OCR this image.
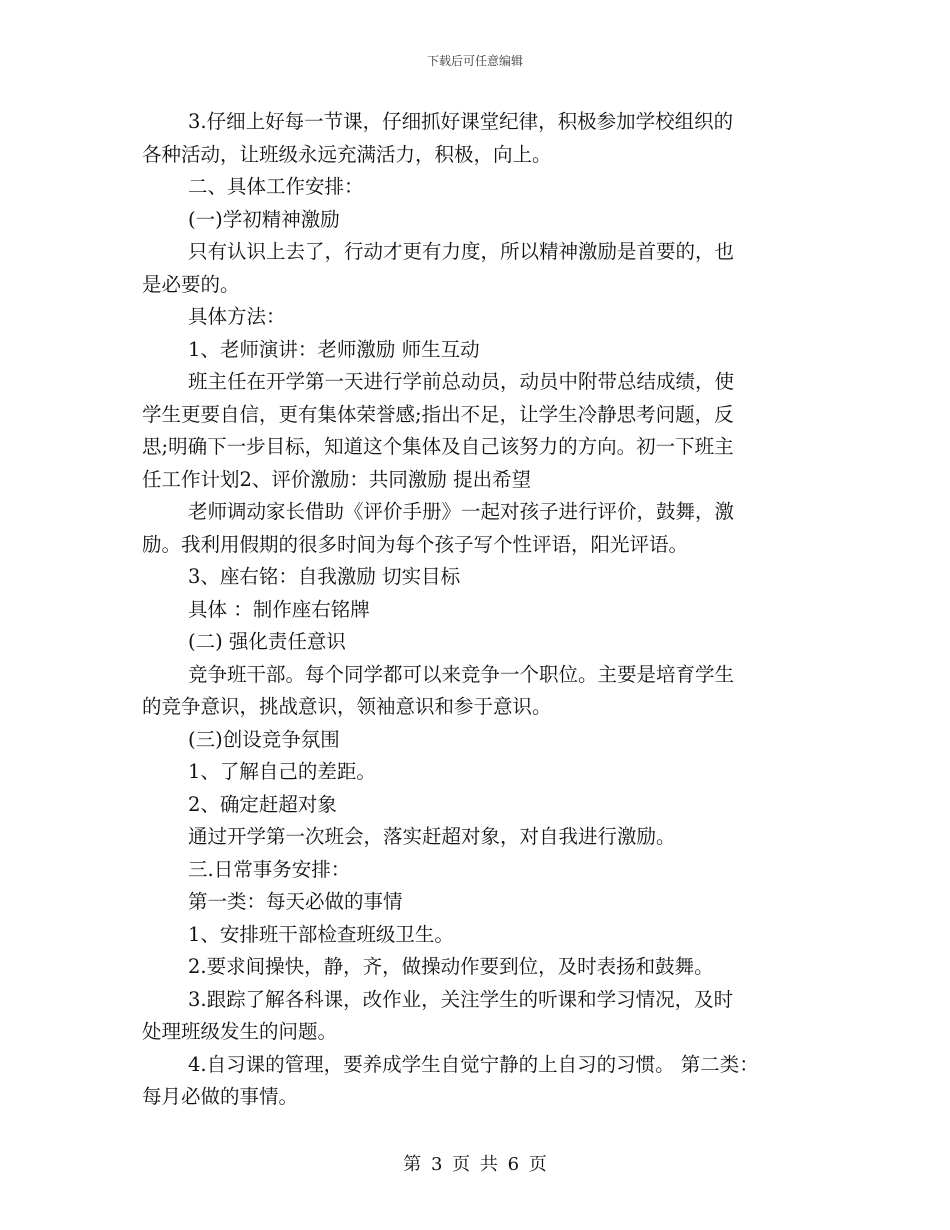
下载后可任意编辑
3.仔细上好每一节课，仔细抓好课堂纪律，积极参加学校组织的
各种活动，让班级永远充满活力，积极，向上。
二、具体工作安排：
(一)学初精神激励
只有认识上去了，行动才更有力度，所以精神激励是首要的，也
是必要的。
具体方法：
1、老师演讲：老师激励 师生互动
班主任在开学第一天进行学前总动员，动员中附带总结成绩，使
学生更要自信，更有集体荣誉感;指出不足，让学生冷静思考问题，反
思;明确下一步目标，知道这个集体及自己该努力的方向。初一下班主
任工作计划2、评价激励：共同激励 提出希望
老师调动家长借助《评价手册》一起对孩子进行评价，鼓舞，激
励。我利用假期的很多时间为每个孩子写个性评语，阳光评语。
3、座右铭：自我激励 切实目标
具体 ：制作座右铭牌
(二) 强化责任意识
竞争班干部。每个同学都可以来竞争一个职位。主要是培育学生
的竞争意识，挑战意识，领袖意识和参于意识。
(三)创设竞争氛围
1、了解自己的差距。
2、确定赶超对象
通过开学第一次班会，落实赶超对象，对自我进行激励。
三.日常事务安排：
第一类：每天必做的事情
1、安排班干部检查班级卫生。
2.要求间操快，静，齐，做操动作要到位，及时表扬和鼓舞。
3.跟踪了解各科课，改作业，关注学生的听课和学习情况，及时
处理班级发生的问题。
4.自习课的管理，要养成学生自觉宁静的上自习的习惯。 第二类：
每月必做的事情。
第 3 页 共 6 页
